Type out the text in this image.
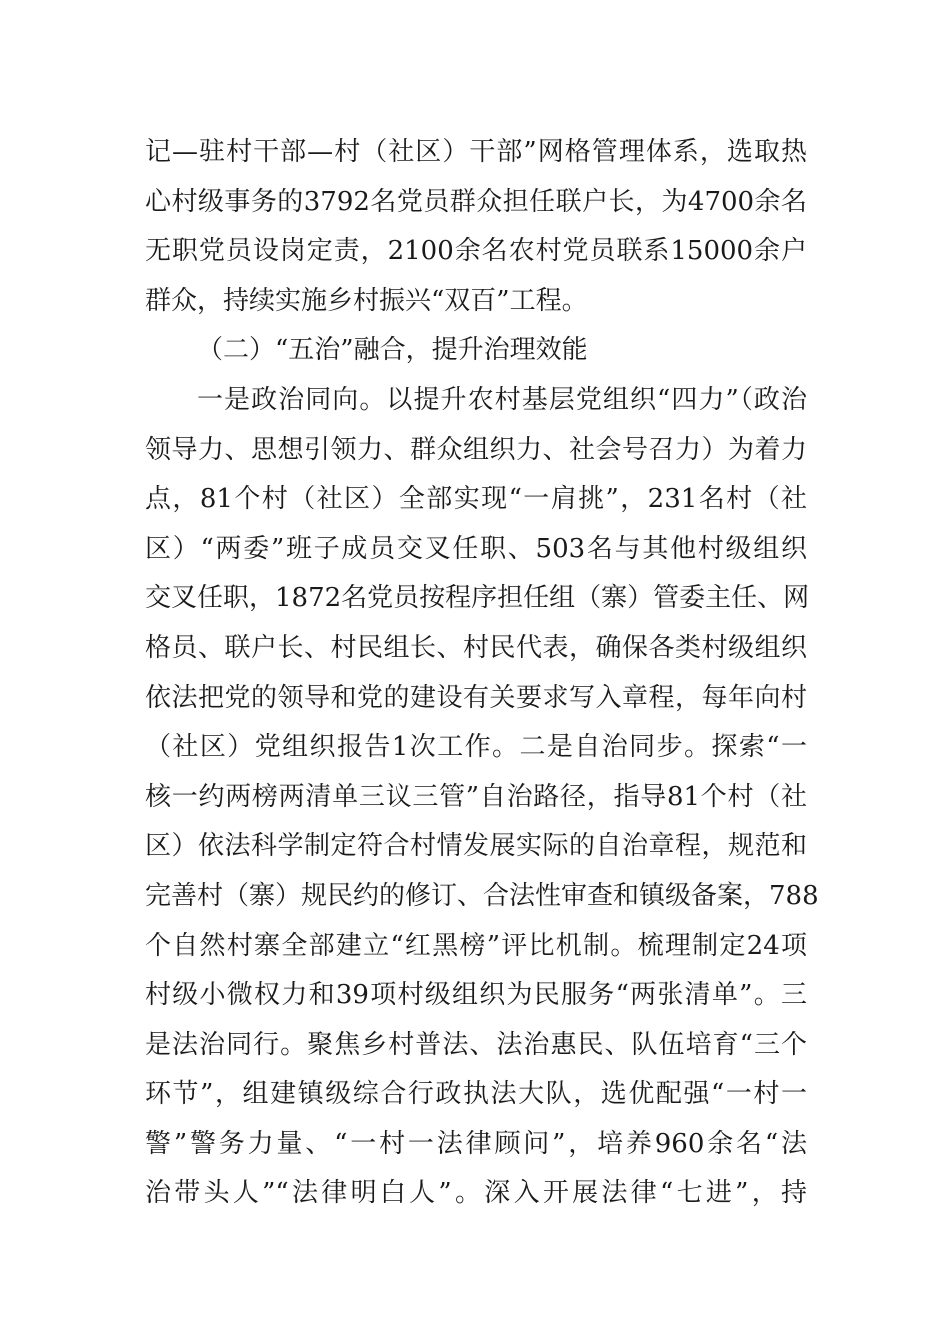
记—驻村干部—村（社区）干部”网格管理体系，选取热
心村级事务的3792名党员群众担任联户长，为4700余名
无职党员设岗定责，2100余名农村党员联系15000余户
群众，持续实施乡村振兴“双百”工程。
（二）“五治”融合，提升治理效能
一是政治同向。以提升农村基层党组织“四力”（政治
领导力、思想引领力、群众组织力、社会号召力）为着力
点，81个村（社区）全部实现“一肩挑”，231名村（社
区）“两委”班子成员交叉任职、503名与其他村级组织
交叉任职，1872名党员按程序担任组（寨）管委主任、网
格员、联户长、村民组长、村民代表，确保各类村级组织
依法把党的领导和党的建设有关要求写入章程，每年向村
（社区）党组织报告1次工作。二是自治同步。探索“一
核一约两榜两清单三议三管”自治路径，指导81个村（社
区）依法科学制定符合村情发展实际的自治章程，规范和
完善村（寨）规民约的修订、合法性审查和镇级备案，788
个自然村寨全部建立“红黑榜”评比机制。梳理制定24项
村级小微权力和39项村级组织为民服务“两张清单”。三
是法治同行。聚焦乡村普法、法治惠民、队伍培育“三个
环节”，组建镇级综合行政执法大队，选优配强“一村一
警”警务力量、“一村一法律顾问”，培养960余名“法
治带头人”“法律明白人”。深入开展法律“七进”，持
